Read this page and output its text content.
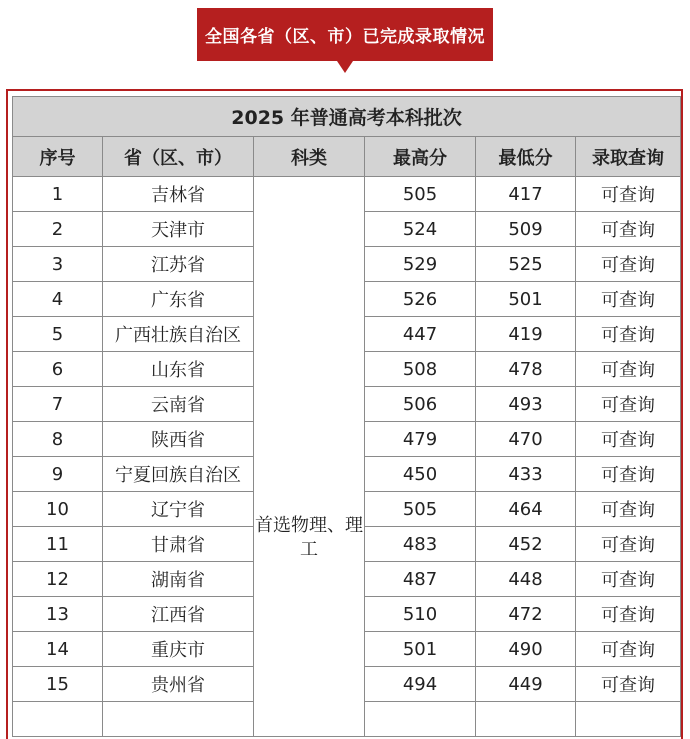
全国各省（区、市）已完成录取情况
2025 年普通高考本科批次					
序号	省（区、市）	科类	最高分	最低分	录取查询
1	吉林省	首选物理、理工	505	417	可查询
2	天津市		524	509	可查询
3	江苏省		529	525	可查询
4	广东省		526	501	可查询
5	广西壮族自治区		447	419	可查询
6	山东省		508	478	可查询
7	云南省		506	493	可查询
8	陕西省		479	470	可查询
9	宁夏回族自治区		450	433	可查询
10	辽宁省		505	464	可查询
11	甘肃省		483	452	可查询
12	湖南省		487	448	可查询
13	江西省		510	472	可查询
14	重庆市		501	490	可查询
15	贵州省		494	449	可查询
